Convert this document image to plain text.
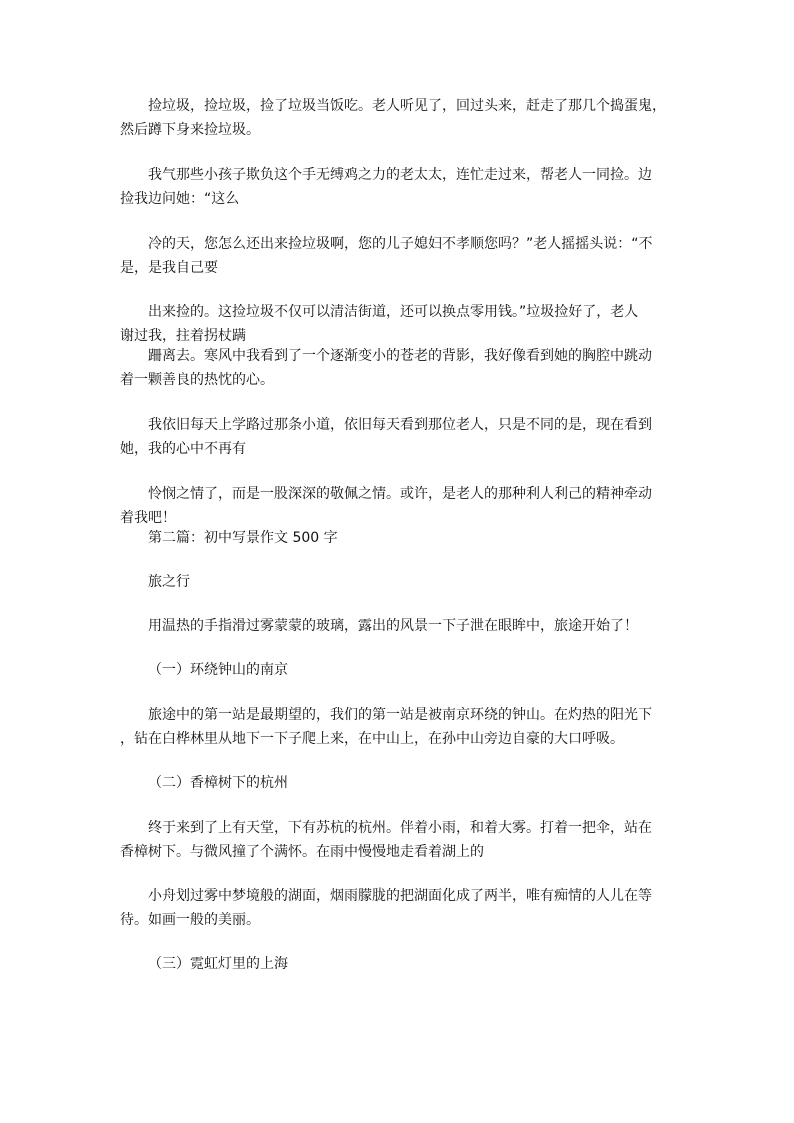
捡垃圾，捡垃圾，捡了垃圾当饭吃。老人听见了，回过头来，赶走了那几个捣蛋鬼，

然后蹲下身来捡垃圾。

我气那些小孩子欺负这个手无缚鸡之力的老太太，连忙走过来，帮老人一同捡。边

捡我边问她：“这么

冷的天，您怎么还出来捡垃圾啊，您的儿子媳妇不孝顺您吗？”老人摇摇头说：“不

是，是我自己要

出来捡的。这捡垃圾不仅可以清洁街道，还可以换点零用钱。”垃圾捡好了，老人

谢过我，拄着拐杖蹒

跚离去。寒风中我看到了一个逐渐变小的苍老的背影，我好像看到她的胸腔中跳动

着一颗善良的热忱的心。

我依旧每天上学路过那条小道，依旧每天看到那位老人，只是不同的是，现在看到

她，我的心中不再有

怜悯之情了，而是一股深深的敬佩之情。或许，是老人的那种利人利己的精神牵动

着我吧！

第二篇：初中写景作文 500 字

旅之行

用温热的手指滑过雾蒙蒙的玻璃，露出的风景一下子泄在眼眸中，旅途开始了！

（一）环绕钟山的南京

旅途中的第一站是最期望的，我们的第一站是被南京环绕的钟山。在灼热的阳光下

，钻在白桦林里从地下一下子爬上来，在中山上，在孙中山旁边自豪的大口呼吸。

（二）香樟树下的杭州

终于来到了上有天堂，下有苏杭的杭州。伴着小雨，和着大雾。打着一把伞，站在

香樟树下。与微风撞了个满怀。在雨中慢慢地走看着湖上的

小舟划过雾中梦境般的湖面，烟雨朦胧的把湖面化成了两半，唯有痴情的人儿在等

待。如画一般的美丽。

（三）霓虹灯里的上海
